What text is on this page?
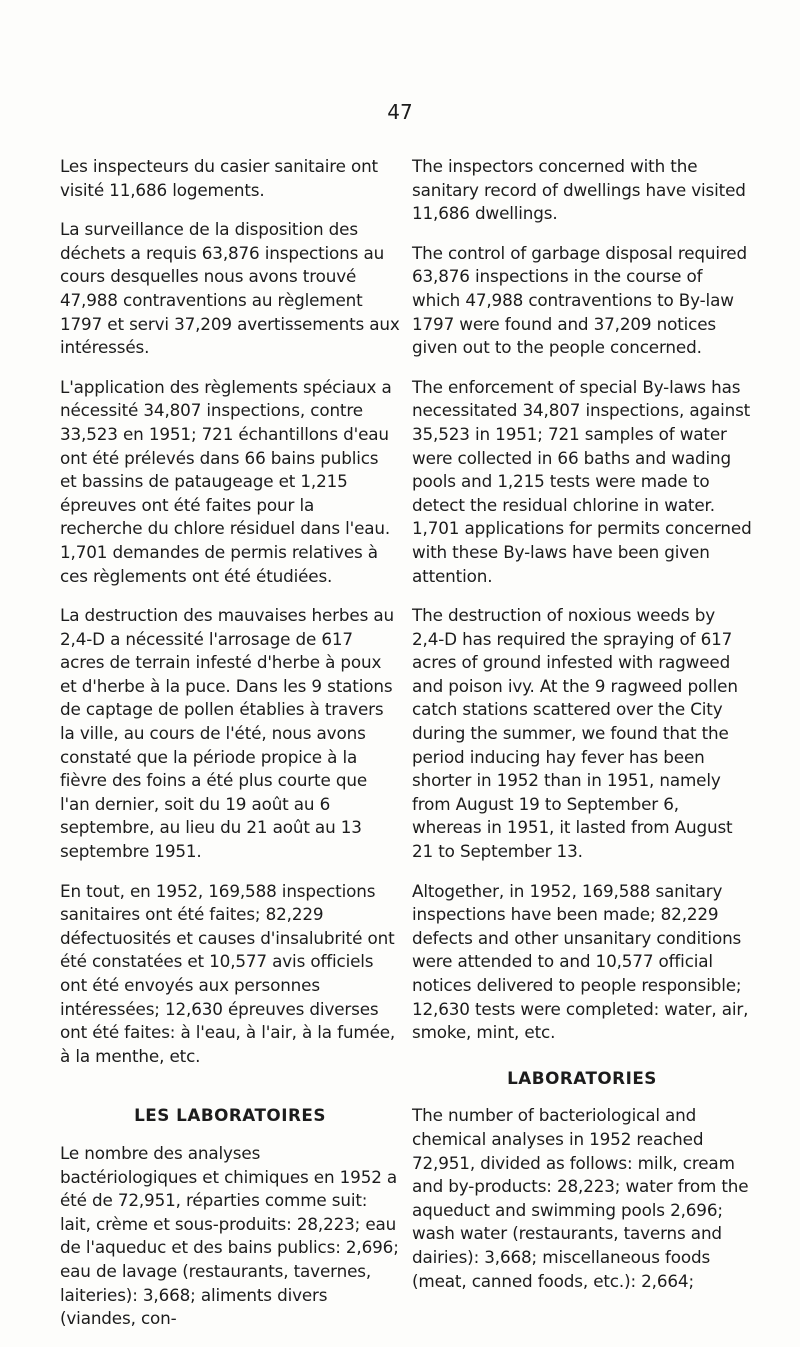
47

Les inspecteurs du casier sanitaire ont visité 11,686 logements.

La surveillance de la disposition des déchets a requis 63,876 inspections au cours desquelles nous avons trouvé 47,988 contraventions au règlement 1797 et servi 37,209 avertissements aux intéressés.

L'application des règlements spéciaux a nécessité 34,807 inspections, contre 33,523 en 1951; 721 échantillons d'eau ont été prélevés dans 66 bains publics et bassins de pataugeage et 1,215 épreuves ont été faites pour la recherche du chlore résiduel dans l'eau. 1,701 demandes de permis relatives à ces règlements ont été étudiées.

La destruction des mauvaises herbes au 2,4-D a nécessité l'arrosage de 617 acres de terrain infesté d'herbe à poux et d'herbe à la puce. Dans les 9 stations de captage de pollen établies à travers la ville, au cours de l'été, nous avons constaté que la période propice à la fièvre des foins a été plus courte que l'an dernier, soit du 19 août au 6 septembre, au lieu du 21 août au 13 septembre 1951.

En tout, en 1952, 169,588 inspections sanitaires ont été faites; 82,229 défectuosités et causes d'insalubrité ont été constatées et 10,577 avis officiels ont été envoyés aux personnes intéressées; 12,630 épreuves diverses ont été faites: à l'eau, à l'air, à la fumée, à la menthe, etc.

LES LABORATOIRES

Le nombre des analyses bactériologiques et chimiques en 1952 a été de 72,951, réparties comme suit: lait, crème et sous-produits: 28,223; eau de l'aqueduc et des bains publics: 2,696; eau de lavage (restaurants, tavernes, laiteries): 3,668; aliments divers (viandes, con-

The inspectors concerned with the sanitary record of dwellings have visited 11,686 dwellings.

The control of garbage disposal required 63,876 inspections in the course of which 47,988 contraventions to By-law 1797 were found and 37,209 notices given out to the people concerned.

The enforcement of special By-laws has necessitated 34,807 inspections, against 35,523 in 1951; 721 samples of water were collected in 66 baths and wading pools and 1,215 tests were made to detect the residual chlorine in water. 1,701 applications for permits concerned with these By-laws have been given attention.

The destruction of noxious weeds by 2,4-D has required the spraying of 617 acres of ground infested with ragweed and poison ivy. At the 9 ragweed pollen catch stations scattered over the City during the summer, we found that the period inducing hay fever has been shorter in 1952 than in 1951, namely from August 19 to September 6, whereas in 1951, it lasted from August 21 to September 13.

Altogether, in 1952, 169,588 sanitary inspections have been made; 82,229 defects and other unsanitary conditions were attended to and 10,577 official notices delivered to people responsible; 12,630 tests were completed: water, air, smoke, mint, etc.

LABORATORIES

The number of bacteriological and chemical analyses in 1952 reached 72,951, divided as follows: milk, cream and by-products: 28,223; water from the aqueduct and swimming pools 2,696; wash water (restaurants, taverns and dairies): 3,668; miscellaneous foods (meat, canned foods, etc.): 2,664;
